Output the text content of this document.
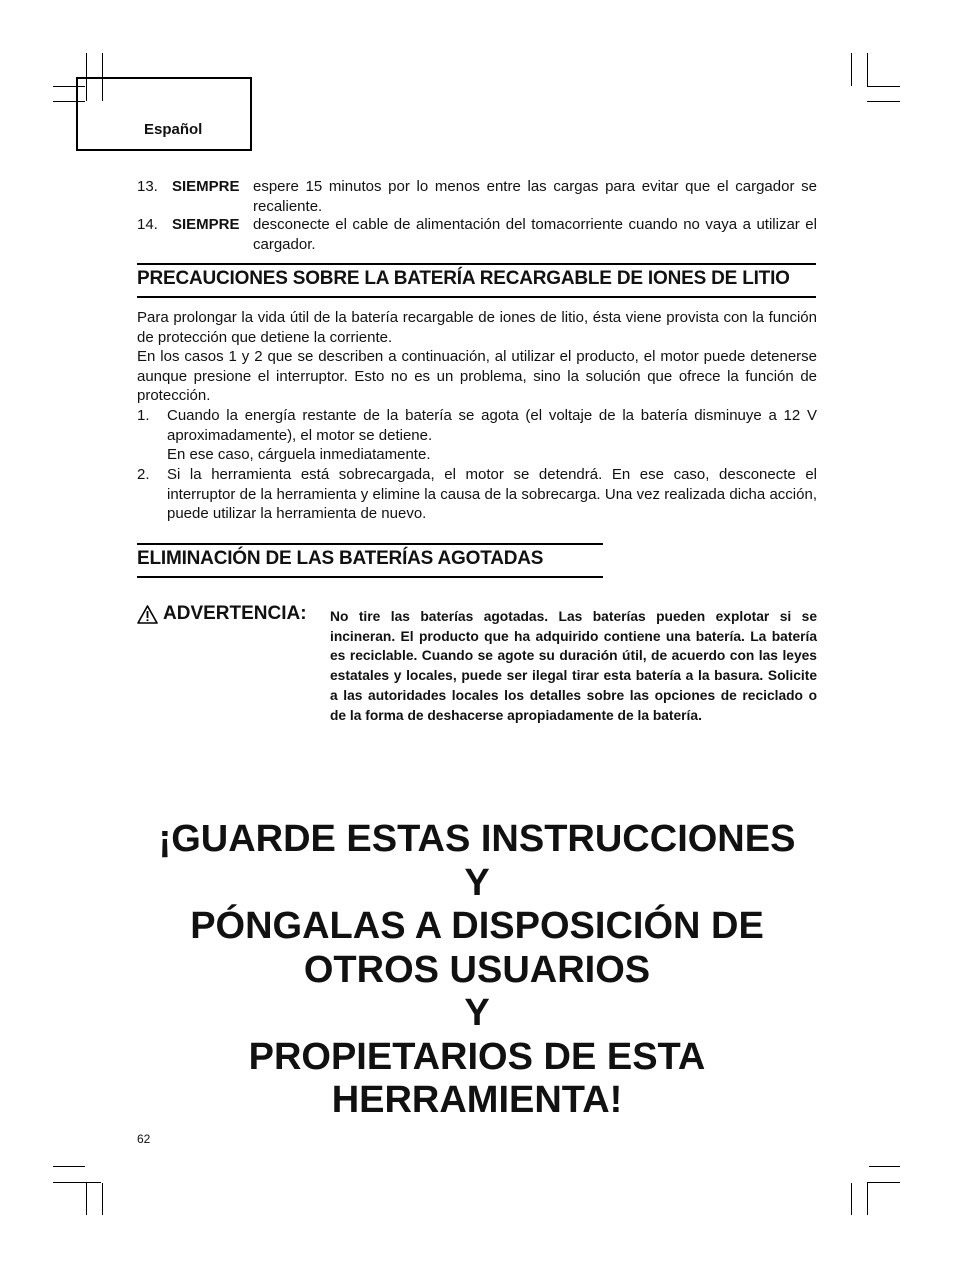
Español
13. SIEMPRE espere 15 minutos por lo menos entre las cargas para evitar que el cargador se recaliente.
14. SIEMPRE desconecte el cable de alimentación del tomacorriente cuando no vaya a utilizar el cargador.
PRECAUCIONES SOBRE LA BATERÍA RECARGABLE DE IONES DE LITIO
Para prolongar la vida útil de la batería recargable de iones de litio, ésta viene provista con la función de protección que detiene la corriente.
En los casos 1 y 2 que se describen a continuación, al utilizar el producto, el motor puede detenerse aunque presione el interruptor. Esto no es un problema, sino la solución que ofrece la función de protección.
1. Cuando la energía restante de la batería se agota (el voltaje de la batería disminuye a 12 V aproximadamente), el motor se detiene.
En ese caso, cárguela inmediatamente.
2. Si la herramienta está sobrecargada, el motor se detendrá. En ese caso, desconecte el interruptor de la herramienta y elimine la causa de la sobrecarga. Una vez realizada dicha acción, puede utilizar la herramienta de nuevo.
ELIMINACIÓN DE LAS BATERÍAS AGOTADAS
ADVERTENCIA: No tire las baterías agotadas. Las baterías pueden explotar si se incineran. El producto que ha adquirido contiene una batería. La batería es reciclable. Cuando se agote su duración útil, de acuerdo con las leyes estatales y locales, puede ser ilegal tirar esta batería a la basura. Solicite a las autoridades locales los detalles sobre las opciones de reciclado o de la forma de deshacerse apropiadamente de la batería.
¡GUARDE ESTAS INSTRUCCIONES
Y
PÓNGALAS A DISPOSICIÓN DE
OTROS USUARIOS
Y
PROPIETARIOS DE ESTA
HERRAMIENTA!
62
